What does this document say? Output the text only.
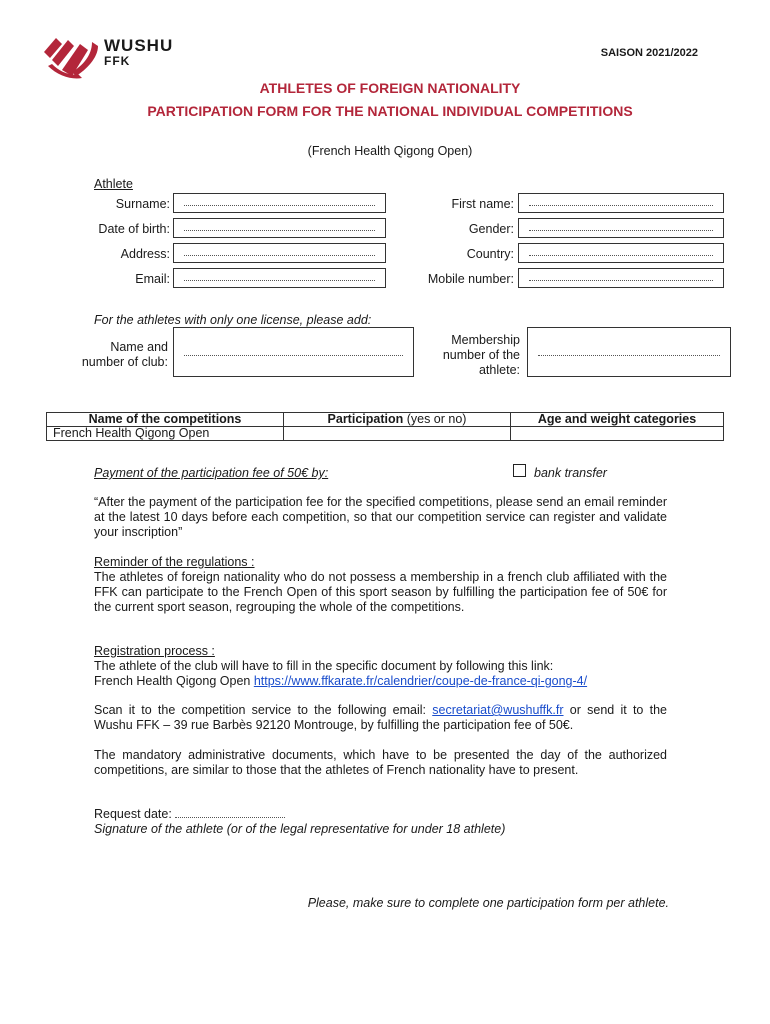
WUSHU
FFK
SAISON 2021/2022
ATHLETES OF FOREIGN NATIONALITY
PARTICIPATION FORM FOR THE NATIONAL INDIVIDUAL COMPETITIONS
(French Health Qigong Open)
Athlete
Surname:	First name:
Date of birth:	Gender:
Address:	Country:
Email:	Mobile number:
For the athletes with only one license, please add:
Name and
number of club:
Membership
number of the
athlete:
Name of the competitions	Participation (yes or no)	Age and weight categories
French Health Qigong Open		
Payment of the participation fee of 50€ by:	bank transfer
“After the payment of the participation fee for the specified competitions, please send an email reminder at the latest 10 days before each competition, so that our competition service can register and validate your inscription”
Reminder of the regulations :
The athletes of foreign nationality who do not possess a membership in a french club affiliated with the FFK can participate to the French Open of this sport season by fulfilling the participation fee of 50€ for the current sport season, regrouping the whole of the competitions.
Registration process :
The athlete of the club will have to fill in the specific document by following this link:
French Health Qigong Open https://www.ffkarate.fr/calendrier/coupe-de-france-qi-gong-4/
Scan it to the competition service to the following email: secretariat@wushuffk.fr or send it to the Wushu FFK – 39 rue Barbès 92120 Montrouge, by fulfilling the participation fee of 50€.
The mandatory administrative documents, which have to be presented the day of the authorized competitions, are similar to those that the athletes of French nationality have to present.
Request date:
Signature of the athlete (or of the legal representative for under 18 athlete)
Please, make sure to complete one participation form per athlete.
